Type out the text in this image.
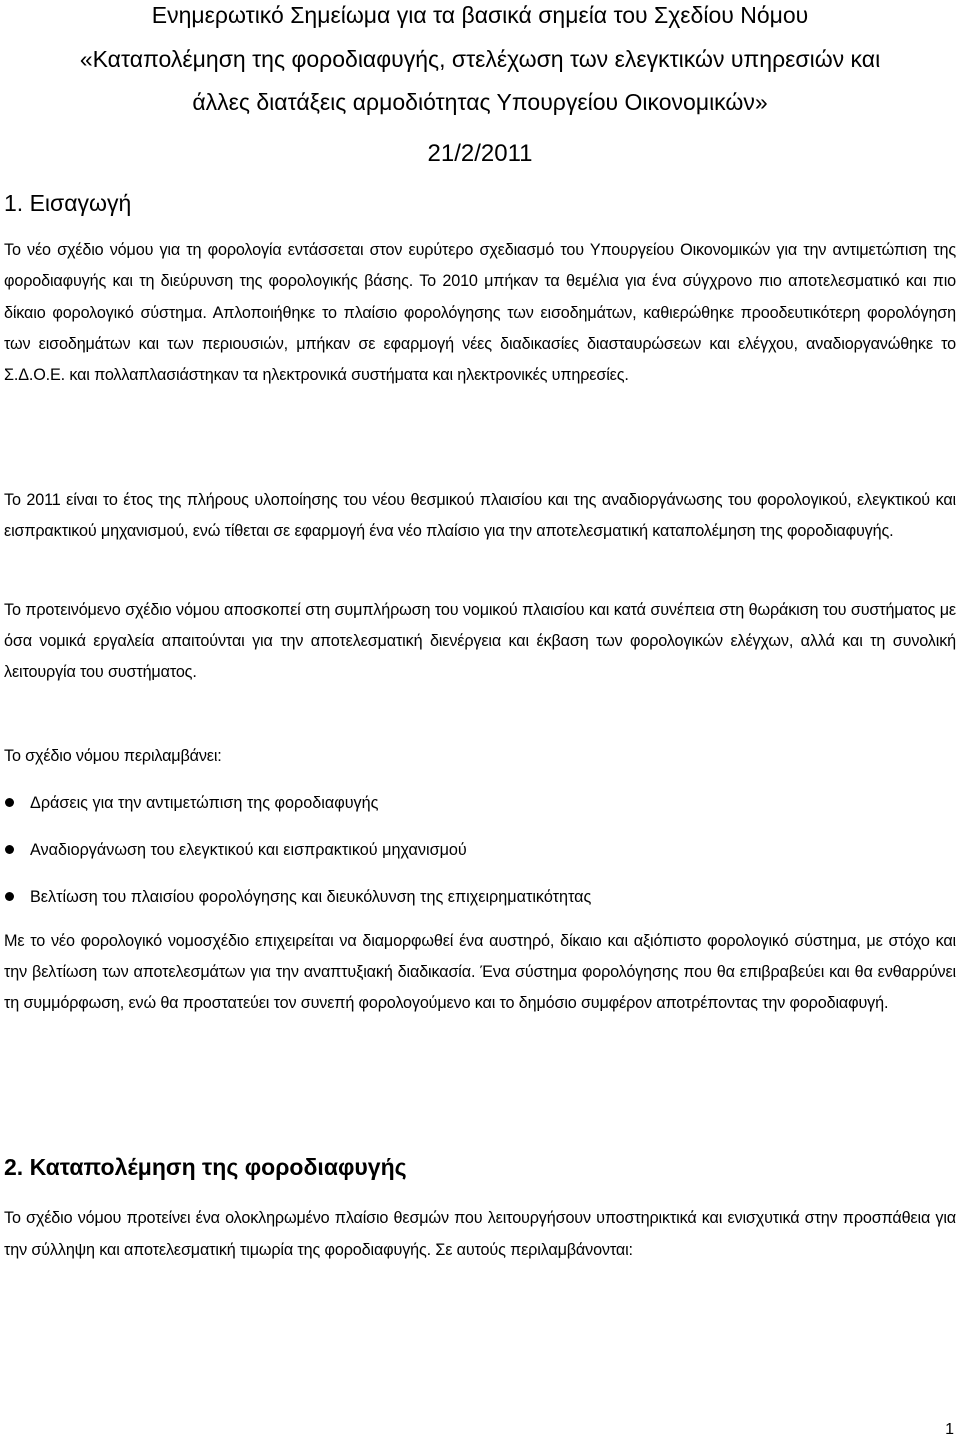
Ενημερωτικό Σημείωμα για τα βασικά σημεία του Σχεδίου Νόμου
«Καταπολέμηση της φοροδιαφυγής, στελέχωση των ελεγκτικών υπηρεσιών και
άλλες διατάξεις αρμοδιότητας Υπουργείου Οικονομικών»
21/2/2011
1. Εισαγωγή
Το νέο σχέδιο νόμου για τη φορολογία εντάσσεται στον ευρύτερο σχεδιασμό του Υπουργείου Οικονομικών για την αντιμετώπιση της φοροδιαφυγής και τη διεύρυνση της φορολογικής βάσης. Το 2010 μπήκαν τα θεμέλια για ένα σύγχρονο πιο αποτελεσματικό και πιο δίκαιο φορολογικό σύστημα. Απλοποιήθηκε το πλαίσιο φορολόγησης των εισοδημάτων, καθιερώθηκε προοδευτικότερη φορολόγηση των εισοδημάτων και των περιουσιών, μπήκαν σε εφαρμογή νέες διαδικασίες διασταυρώσεων και ελέγχου, αναδιοργανώθηκε το Σ.Δ.Ο.Ε. και πολλαπλασιάστηκαν τα ηλεκτρονικά συστήματα και ηλεκτρονικές υπηρεσίες.
Το 2011 είναι το έτος της πλήρους υλοποίησης του νέου θεσμικού πλαισίου και της αναδιοργάνωσης του φορολογικού, ελεγκτικού και εισπρακτικού μηχανισμού, ενώ τίθεται σε εφαρμογή ένα νέο πλαίσιο για την αποτελεσματική καταπολέμηση της φοροδιαφυγής.
Το προτεινόμενο σχέδιο νόμου αποσκοπεί στη συμπλήρωση του νομικού πλαισίου και κατά συνέπεια στη θωράκιση του συστήματος με όσα νομικά εργαλεία απαιτούνται για την αποτελεσματική διενέργεια και έκβαση των φορολογικών ελέγχων, αλλά και τη συνολική λειτουργία του συστήματος.
Το σχέδιο νόμου περιλαμβάνει:
Δράσεις για την αντιμετώπιση της φοροδιαφυγής
Αναδιοργάνωση του ελεγκτικού και εισπρακτικού μηχανισμού
Βελτίωση του πλαισίου φορολόγησης και διευκόλυνση της επιχειρηματικότητας
Με το νέο φορολογικό νομοσχέδιο επιχειρείται να διαμορφωθεί ένα αυστηρό, δίκαιο και αξιόπιστο φορολογικό σύστημα, με στόχο και την βελτίωση των αποτελεσμάτων για την αναπτυξιακή διαδικασία. Ένα σύστημα φορολόγησης που θα επιβραβεύει και θα ενθαρρύνει τη συμμόρφωση, ενώ θα προστατεύει τον συνεπή φορολογούμενο και το δημόσιο συμφέρον αποτρέποντας την φοροδιαφυγή.
2. Καταπολέμηση της φοροδιαφυγής
Το σχέδιο νόμου προτείνει ένα ολοκληρωμένο πλαίσιο θεσμών που λειτουργήσουν υποστηρικτικά και ενισχυτικά στην προσπάθεια για την σύλληψη και αποτελεσματική τιμωρία της φοροδιαφυγής. Σε αυτούς περιλαμβάνονται:
1
